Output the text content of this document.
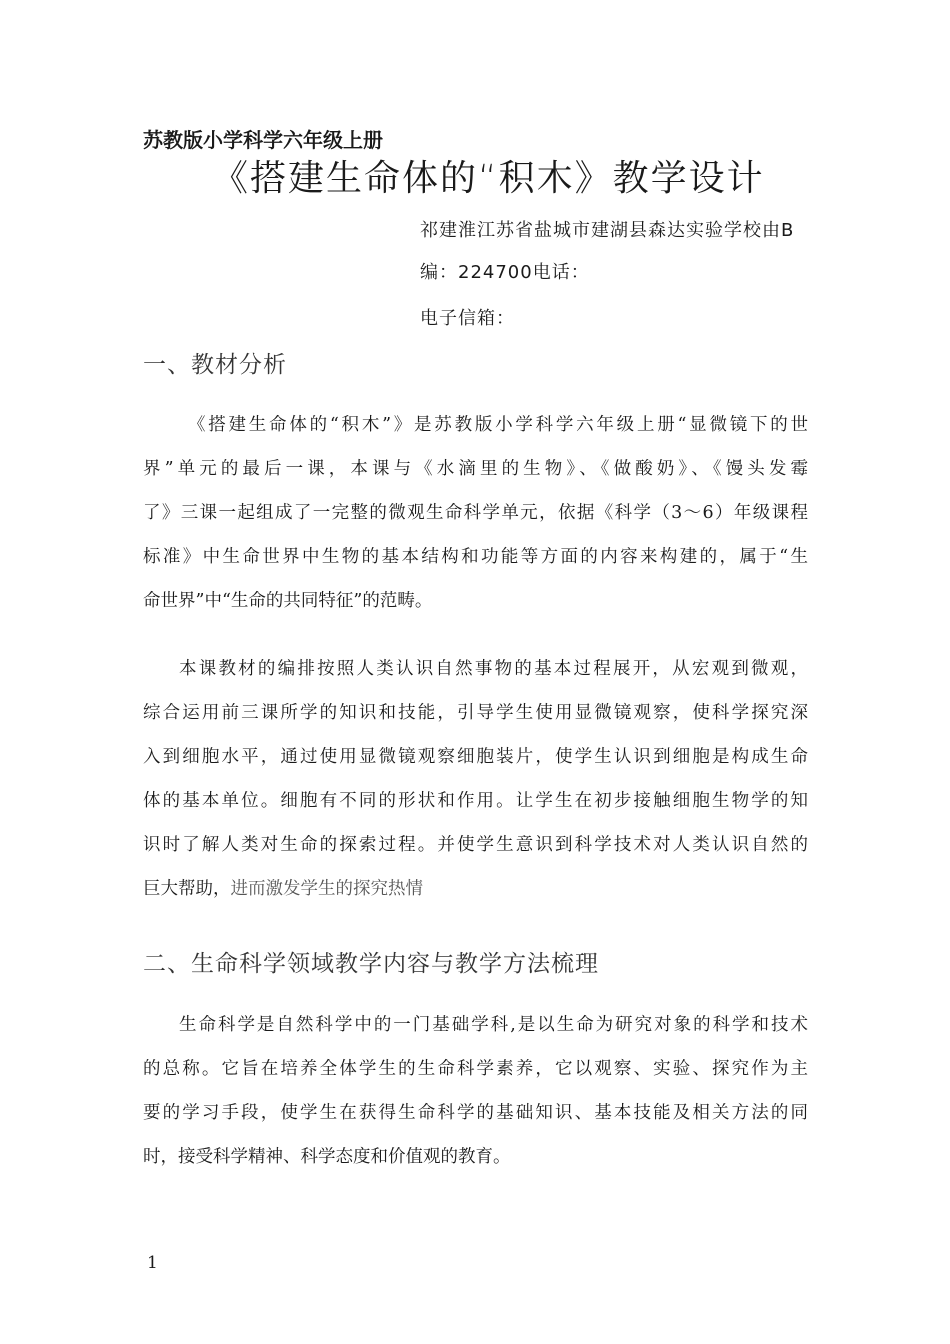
苏教版小学科学六年级上册
《搭建生命体的“积木》教学设计
祁建淮江苏省盐城市建湖县森达实验学校由B
编：224700电话：
电子信箱：
一、教材分析
《搭建生命体的“积木”》是苏教版小学科学六年级上册“显微镜下的世
界”单元的最后一课，本课与《水滴里的生物》、《做酸奶》、《馒头发霉
了》三课一起组成了一完整的微观生命科学单元，依据《科学（3〜6）年级课程
标准》中生命世界中生物的基本结构和功能等方面的内容来构建的，属于“生
命世界”中“生命的共同特征”的范畴。
本课教材的编排按照人类认识自然事物的基本过程展开，从宏观到微观，
综合运用前三课所学的知识和技能，引导学生使用显微镜观察，使科学探究深
入到细胞水平，通过使用显微镜观察细胞装片，使学生认识到细胞是构成生命
体的基本单位。细胞有不同的形状和作用。让学生在初步接触细胞生物学的知
识时了解人类对生命的探索过程。并使学生意识到科学技术对人类认识自然的
巨大帮助，进而激发学生的探究热情
二、生命科学领域教学内容与教学方法梳理
生命科学是自然科学中的一门基础学科,是以生命为研究对象的科学和技术
的总称。它旨在培养全体学生的生命科学素养，它以观察、实验、探究作为主
要的学习手段，使学生在获得生命科学的基础知识、基本技能及相关方法的同
时，接受科学精神、科学态度和价值观的教育。
1
